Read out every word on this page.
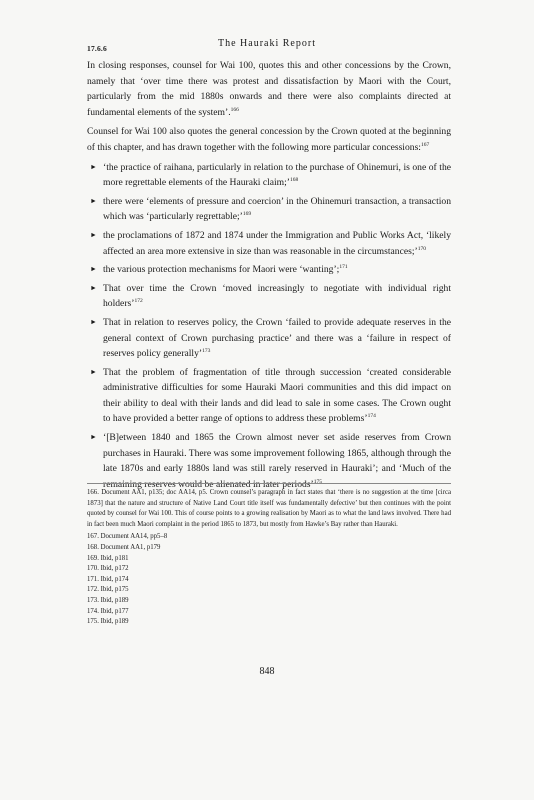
17.6.6	The Hauraki Report

In closing responses, counsel for Wai 100, quotes this and other concessions by the Crown, namely that ‘over time there was protest and dissatisfaction by Maori with the Court, particularly from the mid 1880s onwards and there were also complaints directed at fundamental elements of the system’.$^{166}$

Counsel for Wai 100 also quotes the general concession by the Crown quoted at the beginning of this chapter, and has drawn together with the following more particular concessions:$^{167}$

► ‘the practice of raihana, particularly in relation to the purchase of Ohinemuri, is one of the more regrettable elements of the Hauraki claim;’$^{168}$
► there were ‘elements of pressure and coercion’ in the Ohinemuri transaction, a transaction which was ‘particularly regrettable;’$^{169}$
► the proclamations of 1872 and 1874 under the Immigration and Public Works Act, ‘likely affected an area more extensive in size than was reasonable in the circumstances;’$^{170}$
► the various protection mechanisms for Maori were ‘wanting’;$^{171}$
► That over time the Crown ‘moved increasingly to negotiate with individual right holders’$^{172}$
► That in relation to reserves policy, the Crown ‘failed to provide adequate reserves in the general context of Crown purchasing practice’ and there was a ‘failure in respect of reserves policy generally’$^{173}$
► That the problem of fragmentation of title through succession ‘created considerable administrative difficulties for some Hauraki Maori communities and this did impact on their ability to deal with their lands and did lead to sale in some cases. The Crown ought to have provided a better range of options to address these problems’$^{174}$
► ‘[B]etween 1840 and 1865 the Crown almost never set aside reserves from Crown purchases in Hauraki. There was some improvement following 1865, although through the late 1870s and early 1880s land was still rarely reserved in Hauraki’; and ‘Much of the remaining reserves would be alienated in later periods’$^{175}$
166. Document AA1, p135; doc AA14, p5. Crown counsel’s paragraph in fact states that ‘there is no suggestion at the time [circa 1873] that the nature and structure of Native Land Court title itself was fundamentally defective’ but then continues with the point quoted by counsel for Wai 100. This of course points to a growing realisation by Maori as to what the land laws involved. There had in fact been much Maori complaint in the period 1865 to 1873, but mostly from Hawke’s Bay rather than Hauraki.
167. Document AA14, pp5–8
168. Document AA1, p179
169. Ibid, p181
170. Ibid, p172
171. Ibid, p174
172. Ibid, p175
173. Ibid, p189
174. Ibid, p177
175. Ibid, p189
848
